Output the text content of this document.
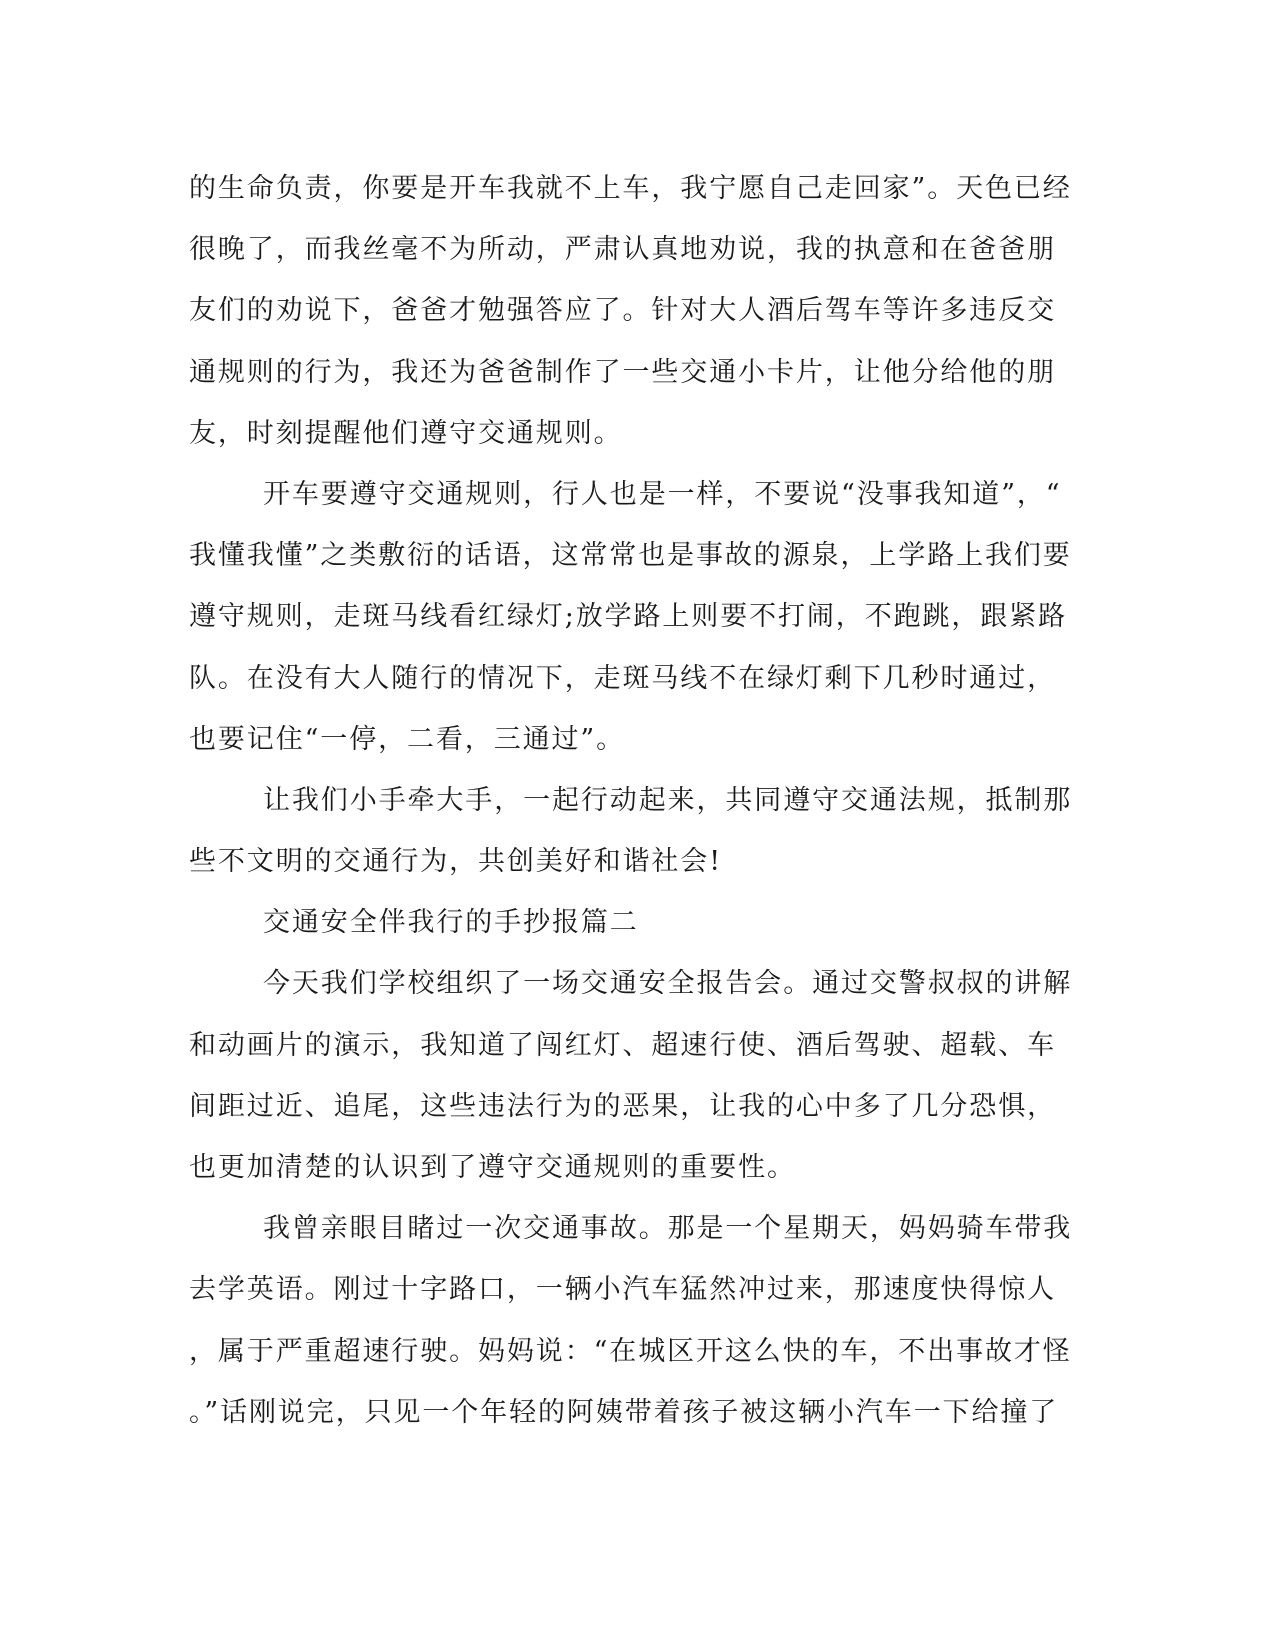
的生命负责，你要是开车我就不上车，我宁愿自己走回家”。天色已经
很晚了，而我丝毫不为所动，严肃认真地劝说，我的执意和在爸爸朋
友们的劝说下，爸爸才勉强答应了。针对大人酒后驾车等许多违反交
通规则的行为，我还为爸爸制作了一些交通小卡片，让他分给他的朋
友，时刻提醒他们遵守交通规则。
开车要遵守交通规则，行人也是一样，不要说“没事我知道”，“
我懂我懂”之类敷衍的话语，这常常也是事故的源泉，上学路上我们要
遵守规则，走斑马线看红绿灯;放学路上则要不打闹，不跑跳，跟紧路
队。在没有大人随行的情况下，走斑马线不在绿灯剩下几秒时通过，
也要记住“一停，二看，三通过”。
让我们小手牵大手，一起行动起来，共同遵守交通法规，抵制那
些不文明的交通行为，共创美好和谐社会!
交通安全伴我行的手抄报篇二
今天我们学校组织了一场交通安全报告会。通过交警叔叔的讲解
和动画片的演示，我知道了闯红灯、超速行使、酒后驾驶、超载、车
间距过近、追尾，这些违法行为的恶果，让我的心中多了几分恐惧，
也更加清楚的认识到了遵守交通规则的重要性。
我曾亲眼目睹过一次交通事故。那是一个星期天，妈妈骑车带我
去学英语。刚过十字路口，一辆小汽车猛然冲过来，那速度快得惊人
，属于严重超速行驶。妈妈说：“在城区开这么快的车，不出事故才怪
。”话刚说完，只见一个年轻的阿姨带着孩子被这辆小汽车一下给撞了
